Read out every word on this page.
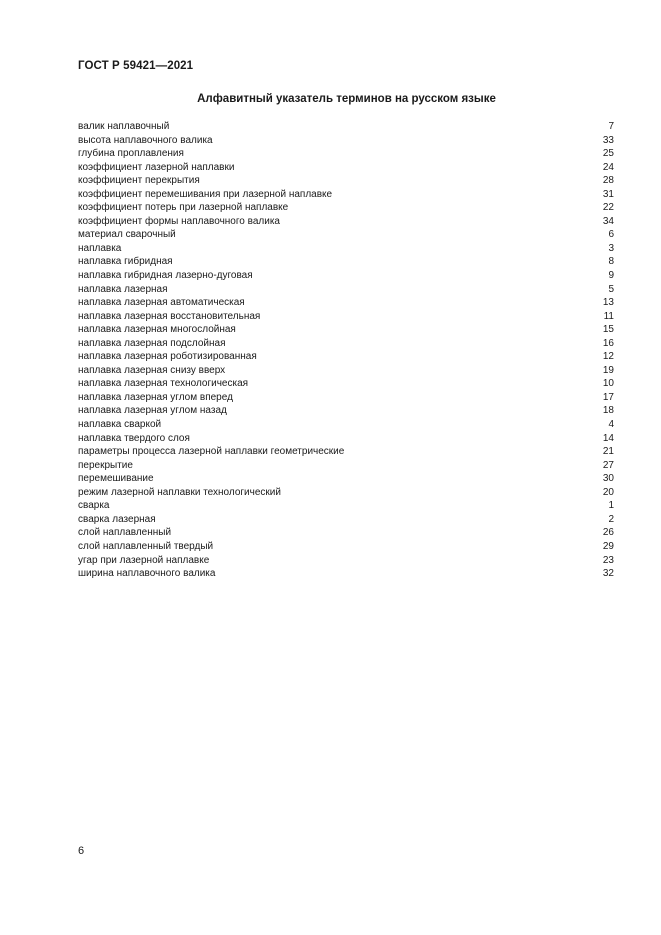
ГОСТ Р 59421—2021
Алфавитный указатель терминов на русском языке
валик наплавочный	7
высота наплавочного валика	33
глубина проплавления	25
коэффициент лазерной наплавки	24
коэффициент перекрытия	28
коэффициент перемешивания при лазерной наплавке	31
коэффициент потерь при лазерной наплавке	22
коэффициент формы наплавочного валика	34
материал сварочный	6
наплавка	3
наплавка гибридная	8
наплавка гибридная лазерно-дуговая	9
наплавка лазерная	5
наплавка лазерная автоматическая	13
наплавка лазерная восстановительная	11
наплавка лазерная многослойная	15
наплавка лазерная подслойная	16
наплавка лазерная роботизированная	12
наплавка лазерная снизу вверх	19
наплавка лазерная технологическая	10
наплавка лазерная углом вперед	17
наплавка лазерная углом назад	18
наплавка сваркой	4
наплавка твердого слоя	14
параметры процесса лазерной наплавки геометрические	21
перекрытие	27
перемешивание	30
режим лазерной наплавки технологический	20
сварка	1
сварка лазерная	2
слой наплавленный	26
слой наплавленный твердый	29
угар при лазерной наплавке	23
ширина наплавочного валика	32
6
